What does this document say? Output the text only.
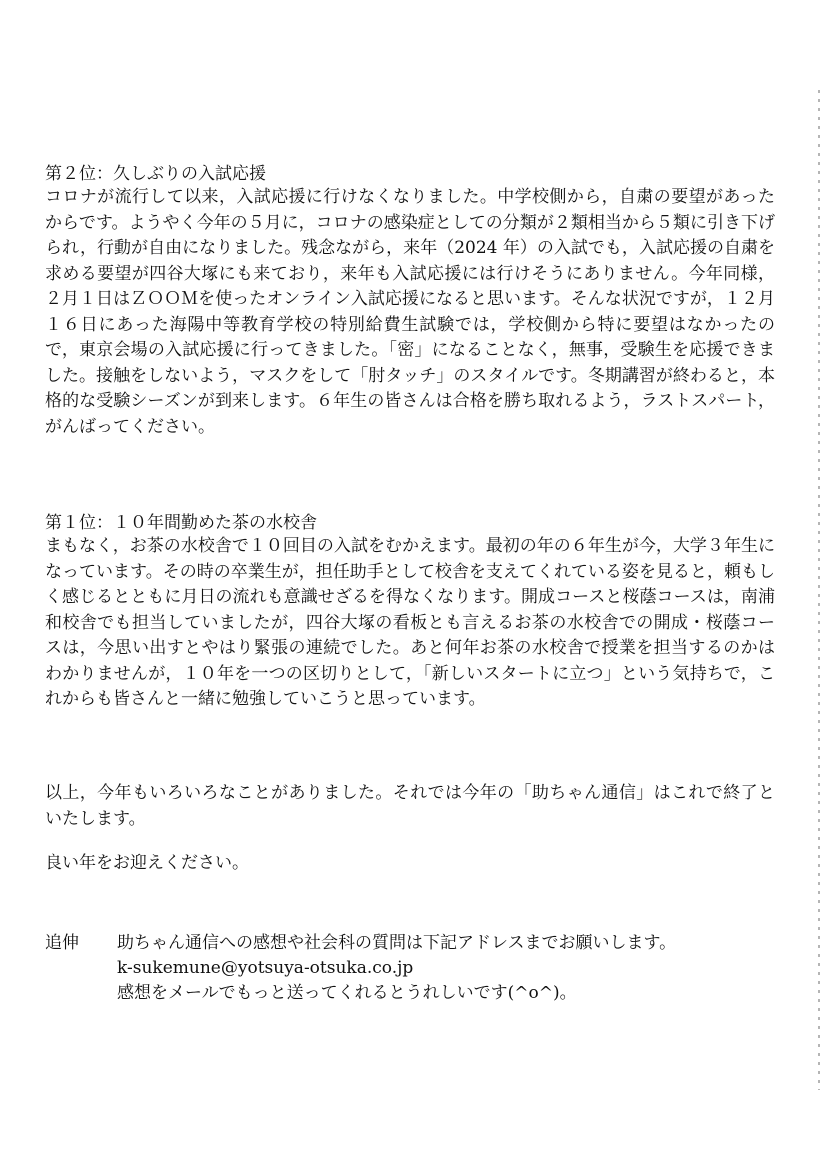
第２位：久しぶりの入試応援

コロナが流行して以来，入試応援に行けなくなりました。中学校側から，自粛の要望があったからです。ようやく今年の５月に，コロナの感染症としての分類が２類相当から５類に引き下げられ，行動が自由になりました。残念ながら，来年（2024 年）の入試でも，入試応援の自粛を求める要望が四谷大塚にも来ており，来年も入試応援には行けそうにありません。今年同様，２月１日はＺＯＯＭを使ったオンライン入試応援になると思います。そんな状況ですが，１２月１６日にあった海陽中等教育学校の特別給費生試験では，学校側から特に要望はなかったので，東京会場の入試応援に行ってきました。「密」になることなく，無事，受験生を応援できました。接触をしないよう，マスクをして「肘タッチ」のスタイルです。冬期講習が終わると，本格的な受験シーズンが到来します。６年生の皆さんは合格を勝ち取れるよう，ラストスパート，がんばってください。

第１位：１０年間勤めた茶の水校舎

まもなく，お茶の水校舎で１０回目の入試をむかえます。最初の年の６年生が今，大学３年生になっています。その時の卒業生が，担任助手として校舎を支えてくれている姿を見ると，頼もしく感じるとともに月日の流れも意識せざるを得なくなります。開成コースと桜蔭コースは，南浦和校舎でも担当していましたが，四谷大塚の看板とも言えるお茶の水校舎での開成・桜蔭コースは，今思い出すとやはり緊張の連続でした。あと何年お茶の水校舎で授業を担当するのかはわかりませんが，１０年を一つの区切りとして，「新しいスタートに立つ」という気持ちで，これからも皆さんと一緒に勉強していこうと思っています。

以上，今年もいろいろなことがありました。それでは今年の「助ちゃん通信」はこれで終了といたします。

良い年をお迎えください。

追伸 助ちゃん通信への感想や社会科の質問は下記アドレスまでお願いします。
k-sukemune@yotsuya-otsuka.co.jp
感想をメールでもっと送ってくれるとうれしいです(^o^)。
